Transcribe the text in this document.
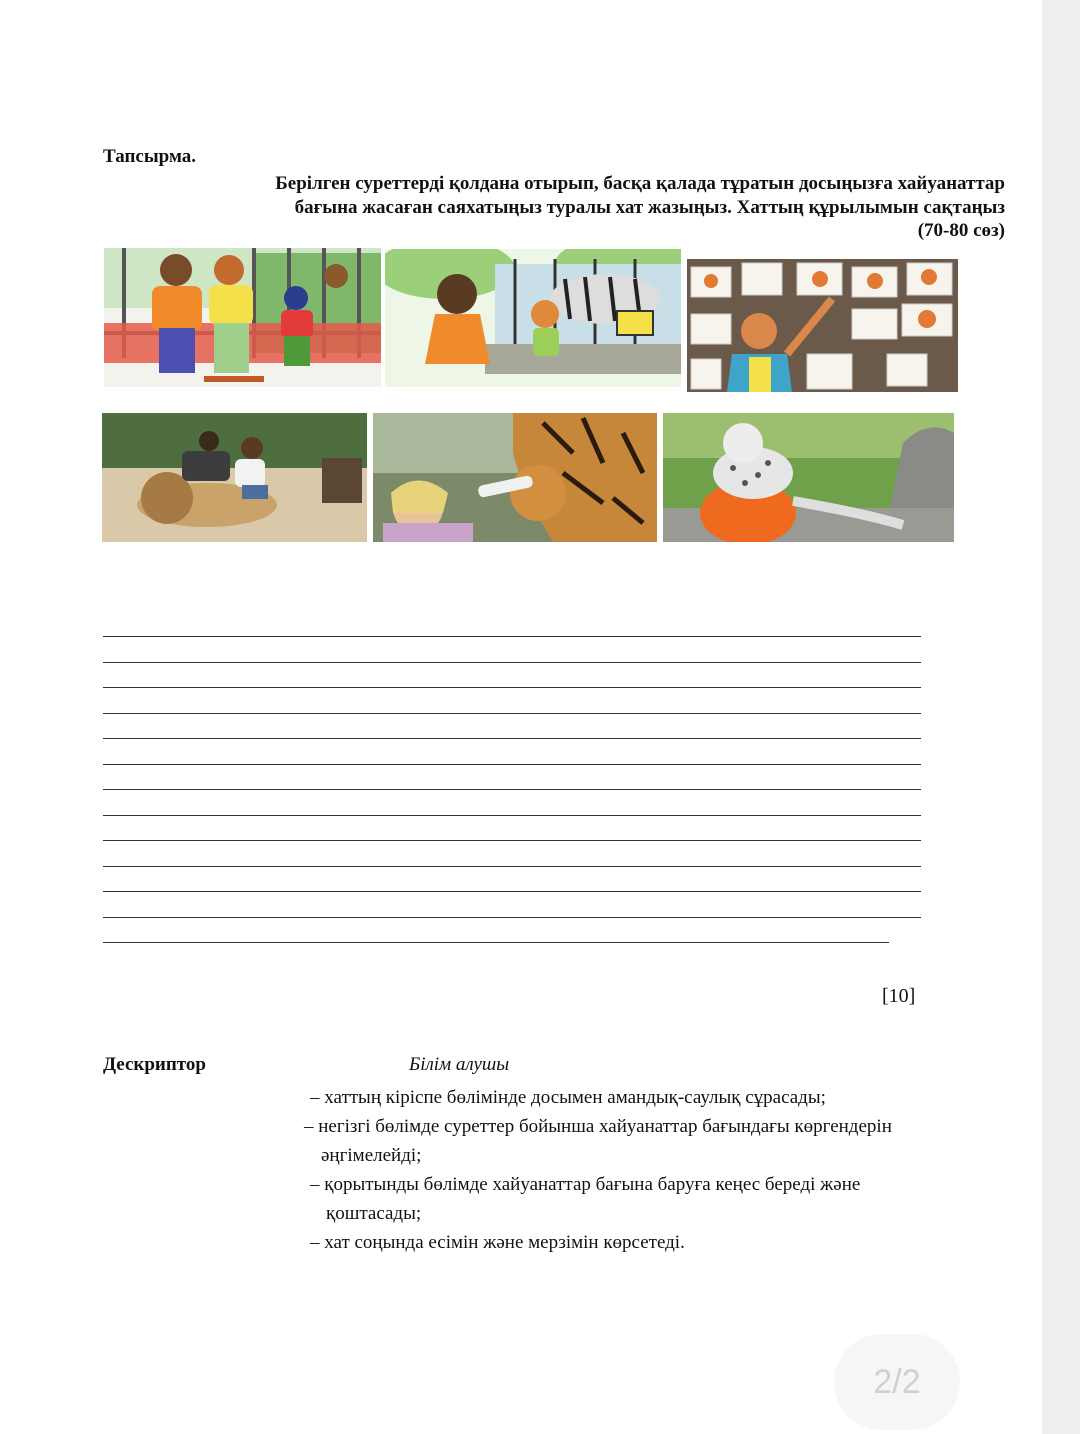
Тапсырма.
Берілген суреттерді қолдана отырып, басқа қалада тұратын досыңызға хайуанаттар
бағына жасаған саяхатыңыз туралы хат жазыңыз. Хаттың құрылымын сақтаңыз
(70-80 сөз)
[10]
Дескриптор	Білім алушы
– хаттың кіріспе бөлімінде досымен амандық-саулық сұрасады;
– негізгі бөлімде суреттер бойынша хайуанаттар бағындағы көргендерін
әңгімелейді;
– қорытынды бөлімде хайуанаттар бағына баруға кеңес береді және
қоштасады;
– хат соңында есімін және мерзімін көрсетеді.
2/2
